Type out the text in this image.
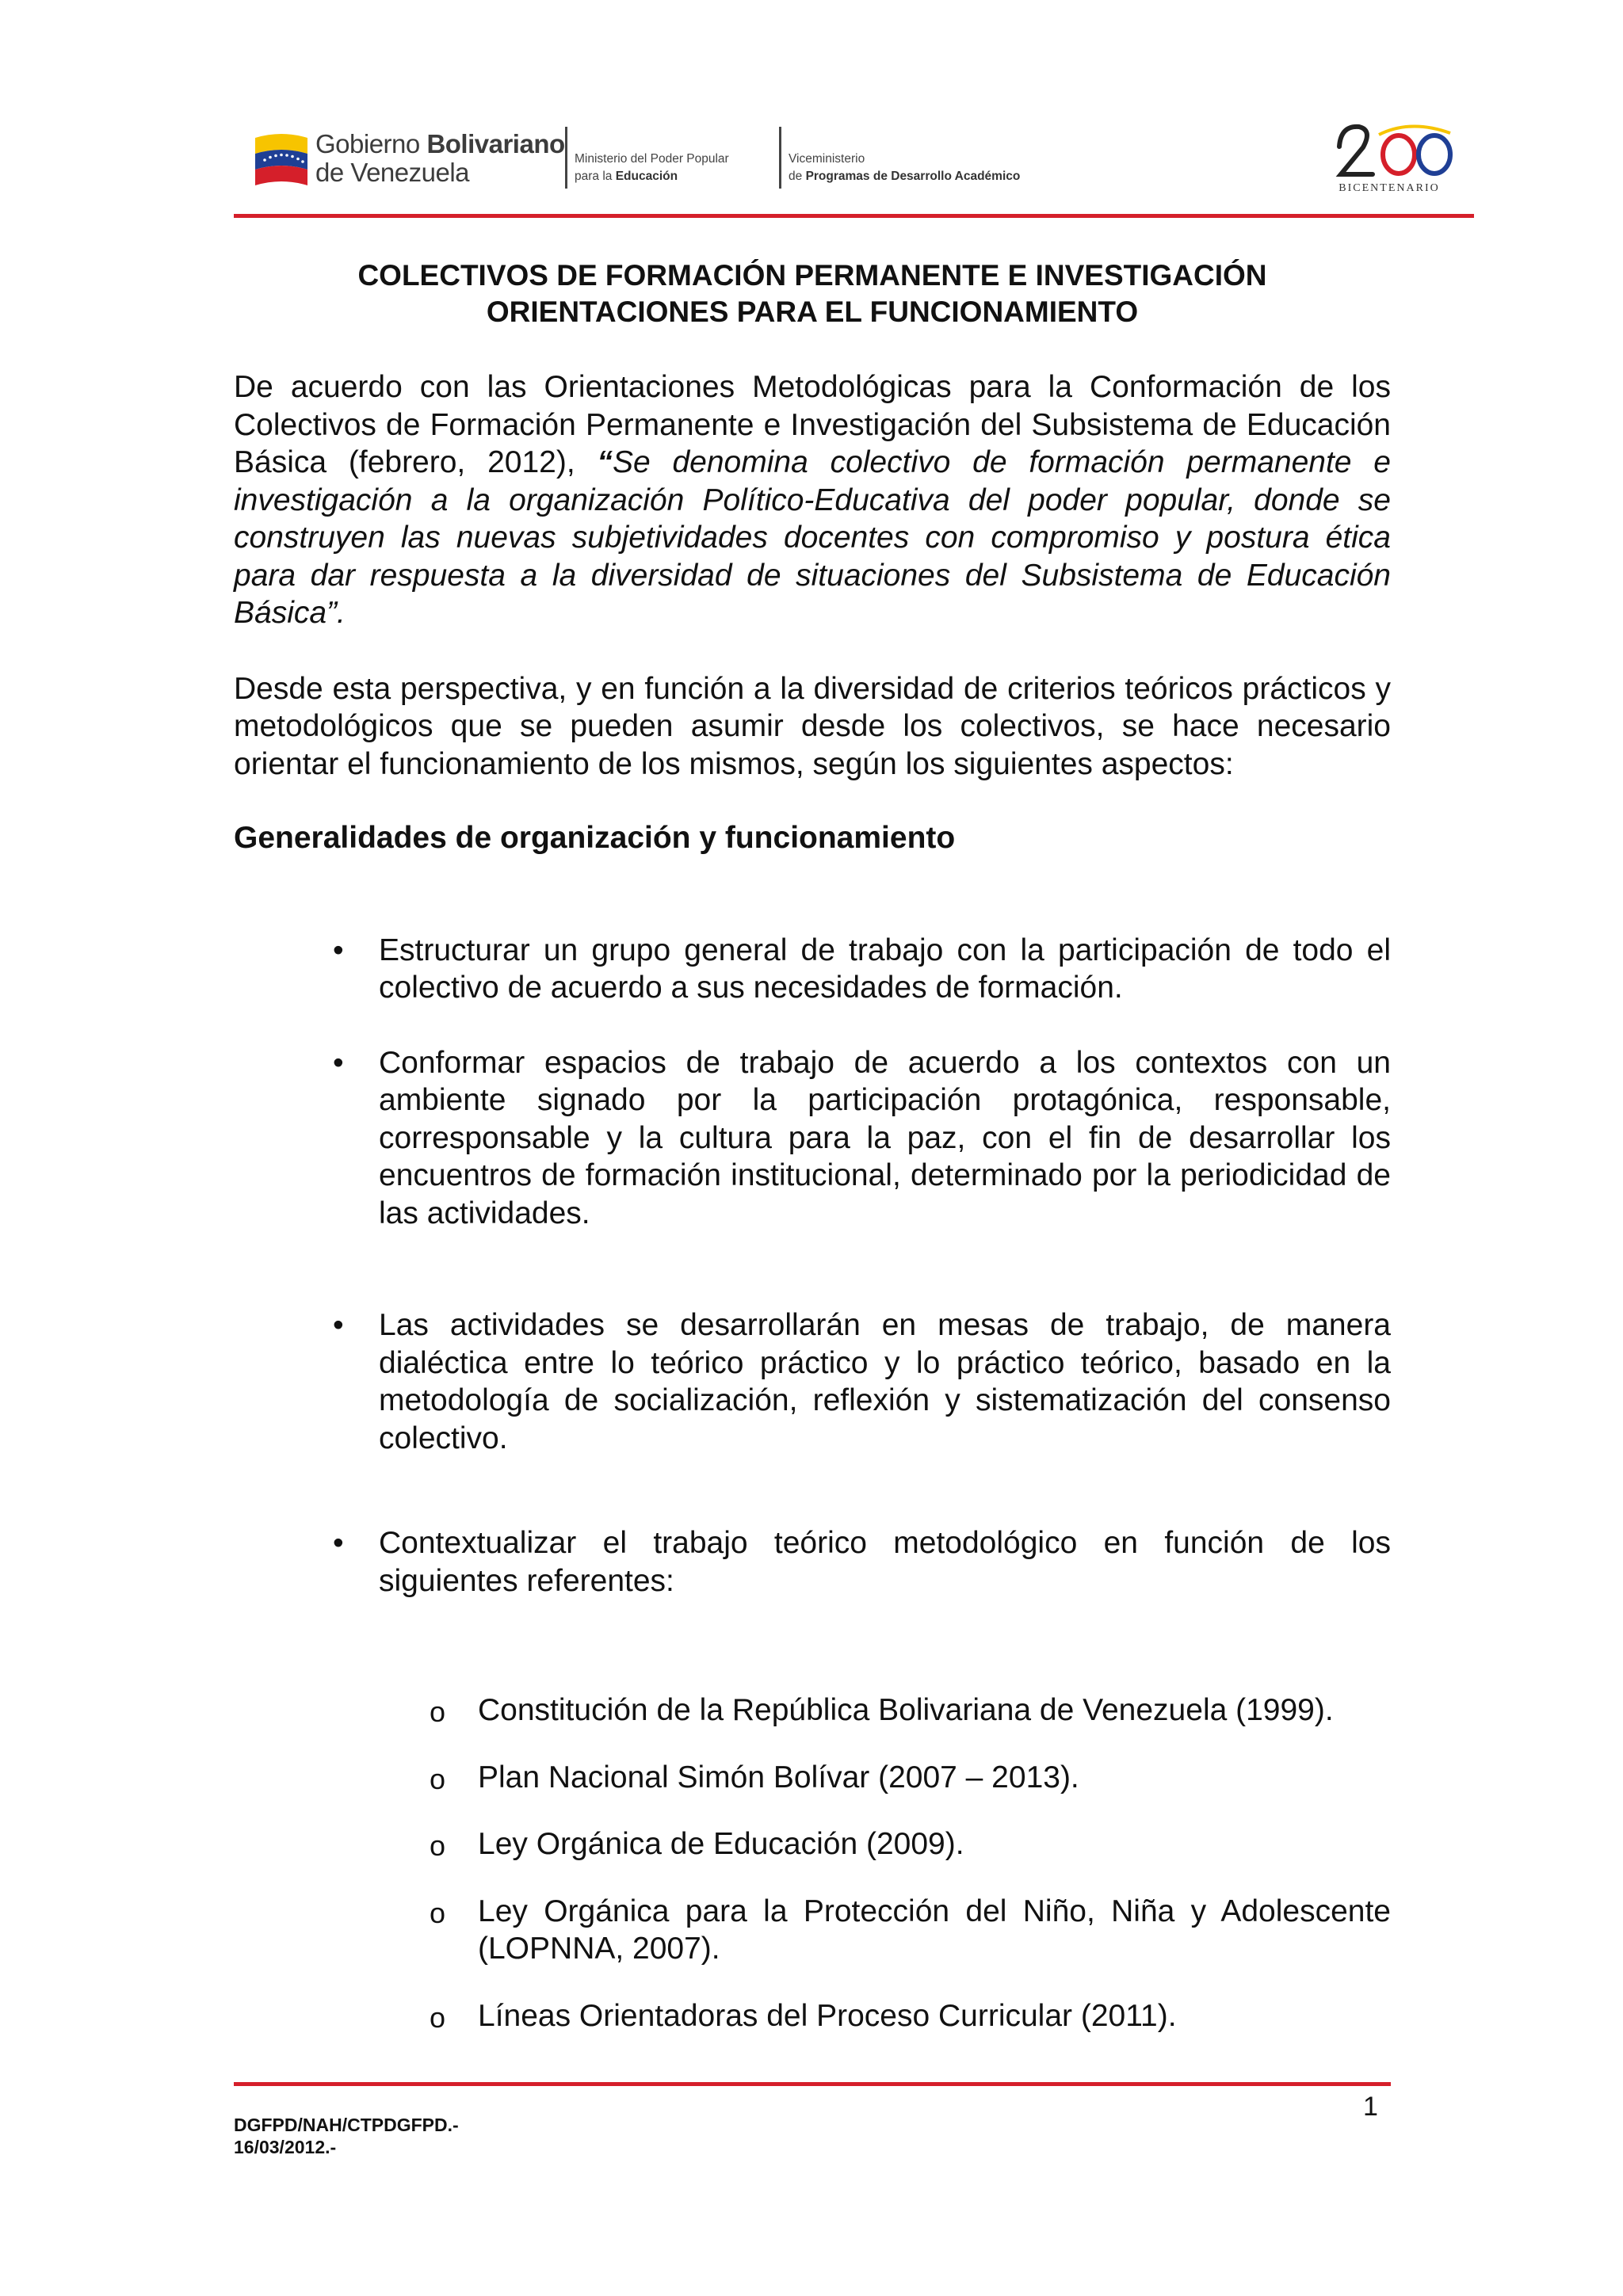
Gobierno Bolivariano
de Venezuela	Ministerio del Poder Popular
para la Educación
Viceministerio
de Programas de Desarrollo Académico
BICENTENARIO
COLECTIVOS DE FORMACIÓN PERMANENTE E INVESTIGACIÓN
ORIENTACIONES PARA EL FUNCIONAMIENTO

De acuerdo con las Orientaciones Metodológicas para la Conformación de los Colectivos de Formación Permanente e Investigación del Subsistema de Educación Básica (febrero, 2012), “Se denomina colectivo de formación permanente e investigación a la organización Político-Educativa del poder popular, donde se construyen las nuevas subjetividades docentes con compromiso y postura ética para dar respuesta a la diversidad de situaciones del Subsistema de Educación Básica”.

Desde esta perspectiva, y en función a la diversidad de criterios teóricos prácticos y metodológicos que se pueden asumir desde los colectivos, se hace necesario orientar el funcionamiento de los mismos, según los siguientes aspectos:

Generalidades de organización y funcionamiento
• Estructurar un grupo general de trabajo con la participación de todo el colectivo de acuerdo a sus necesidades de formación.
• Conformar espacios de trabajo de acuerdo a los contextos con un ambiente signado por la participación protagónica, responsable, corresponsable y la cultura para la paz, con el fin de desarrollar los encuentros de formación institucional, determinado por la periodicidad de las actividades.
• Las actividades se desarrollarán en mesas de trabajo, de manera dialéctica entre lo teórico práctico y lo práctico teórico, basado en la metodología de socialización, reflexión y sistematización del consenso colectivo.
• Contextualizar el trabajo teórico metodológico en función de los siguientes referentes:
o Constitución de la República Bolivariana de Venezuela (1999).
o Plan Nacional Simón Bolívar (2007 – 2013).
o Ley Orgánica de Educación (2009).
o Ley Orgánica para la Protección del Niño, Niña y Adolescente (LOPNNA, 2007).
o Líneas Orientadoras del Proceso Curricular (2011).
1
DGFPD/NAH/CTPDGFPD.-
16/03/2012.-
